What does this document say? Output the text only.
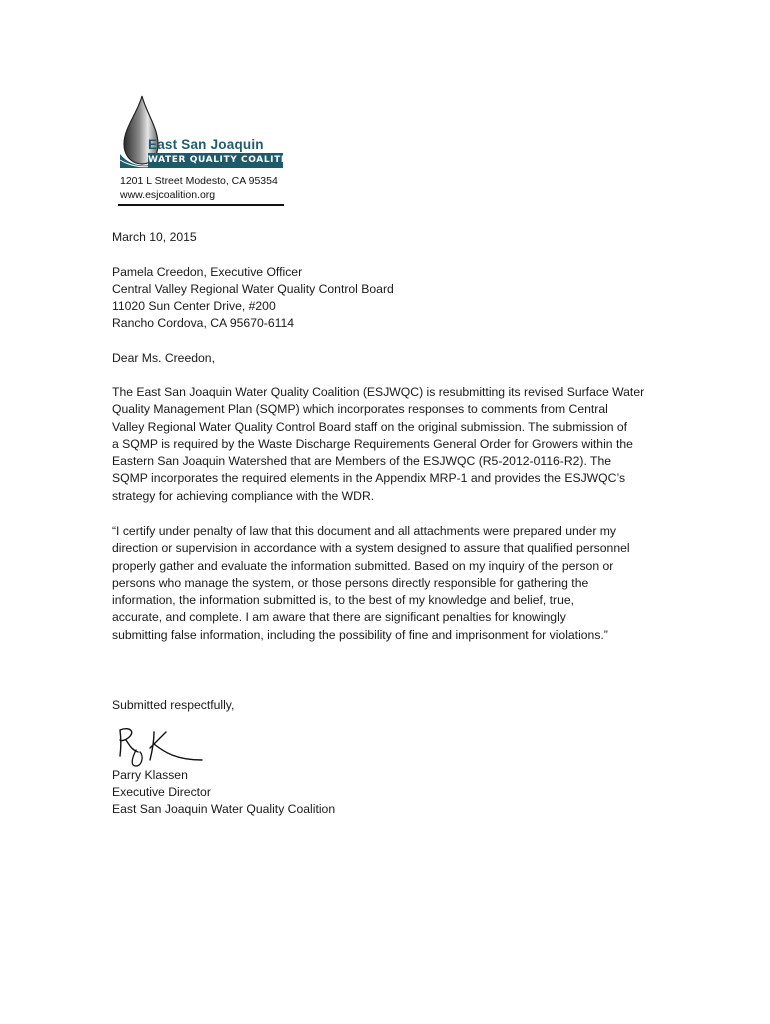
East San Joaquin
WATER QUALITY COALITION
1201 L Street Modesto, CA 95354
www.esjcoalition.org
March 10, 2015
Pamela Creedon, Executive Officer
Central Valley Regional Water Quality Control Board
11020 Sun Center Drive, #200
Rancho Cordova, CA 95670-6114
Dear Ms. Creedon,
The East San Joaquin Water Quality Coalition (ESJWQC) is resubmitting its revised Surface Water
Quality Management Plan (SQMP) which incorporates responses to comments from Central
Valley Regional Water Quality Control Board staff on the original submission. The submission of
a SQMP is required by the Waste Discharge Requirements General Order for Growers within the
Eastern San Joaquin Watershed that are Members of the ESJWQC (R5-2012-0116-R2). The
SQMP incorporates the required elements in the Appendix MRP-1 and provides the ESJWQC’s
strategy for achieving compliance with the WDR.
“I certify under penalty of law that this document and all attachments were prepared under my
direction or supervision in accordance with a system designed to assure that qualified personnel
properly gather and evaluate the information submitted. Based on my inquiry of the person or
persons who manage the system, or those persons directly responsible for gathering the
information, the information submitted is, to the best of my knowledge and belief, true,
accurate, and complete. I am aware that there are significant penalties for knowingly
submitting false information, including the possibility of fine and imprisonment for violations.”
Submitted respectfully,
Parry Klassen
Executive Director
East San Joaquin Water Quality Coalition
